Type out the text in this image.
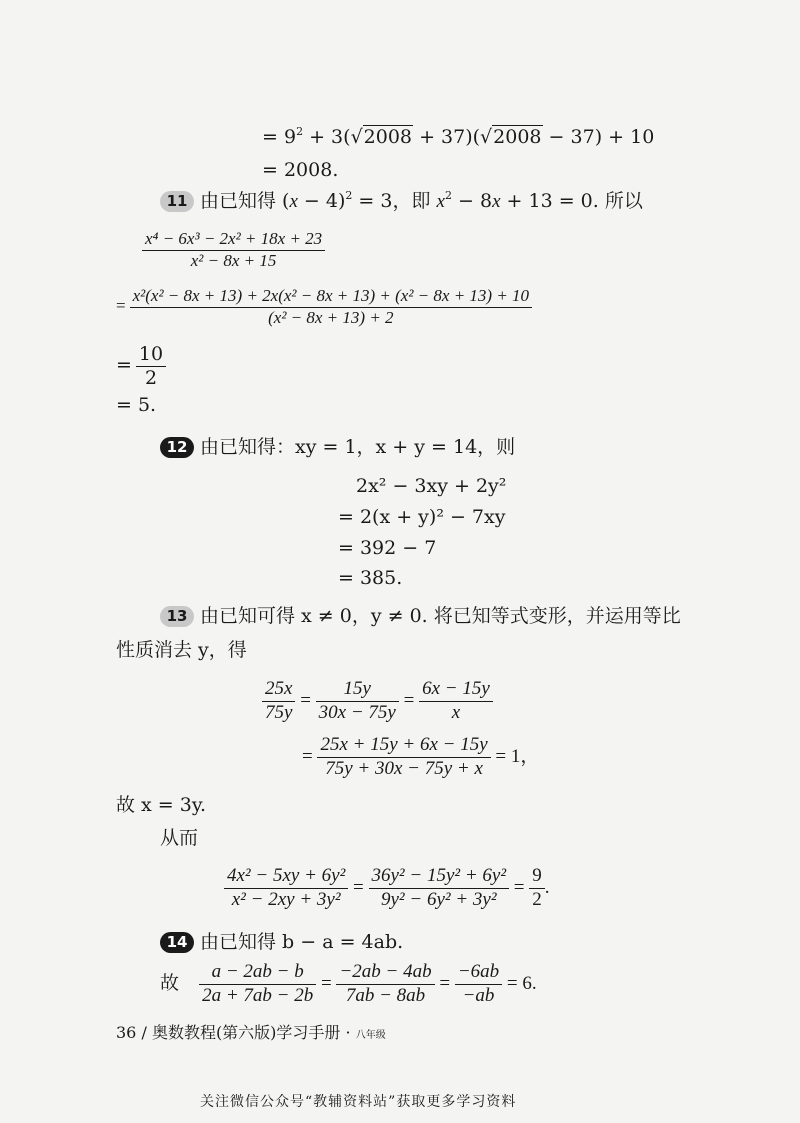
= $9^2 + 3(√2008 + 37)(√2008 - 37) + 10$
= 2008.
11 由已知得 $(x - 4)^2 = 3$，即 $x^2 - 8x + 13 = 0$. 所以
$\frac{\text{x⁴ − 6x³ − 2x² + 18x + 23}}{\text{x² − 8x + 15}}$
= $\frac{\text{x²(x² − 8x + 13) + 2x(x² − 8x + 13) + (x² − 8x + 13) + 10}}{\text{(x² − 8x + 13) + 2}}$
= $\frac{10}{2}$
= 5.
12 由已知得：xy = 1，x + y = 14，则
2x² − 3xy + 2y²
= 2(x + y)² − 7xy
= 392 − 7
= 385.
13 由已知可得 x ≠ 0，y ≠ 0. 将已知等式变形，并运用等比
性质消去 y，得
$\frac{25x}{75y} = \frac{15y}{30x - 75y} = \frac{6x - 15y}{x}$
= $\frac{25x + 15y + 6x - 15y}{75y + 30x - 75y + x} = 1$，
故 x = 3y.
从而
$\frac{\text{4x² − 5xy + 6y²}}{\text{x² − 2xy + 3y²}} = \frac{\text{36y² − 15y² + 6y²}}{\text{9y² − 6y² + 3y²}} = \frac{9}{2}$ .
14 由已知得 b − a = 4ab.
故 $\frac{a - 2ab - b}{2a + 7ab - 2b} = \frac{-2ab - 4ab}{7ab - 8ab} = \frac{-6ab}{-ab} = 6$.
36 / 奥数教程(第六版)学习手册 · 八年级
关注微信公众号“教辅资料站”获取更多学习资料
